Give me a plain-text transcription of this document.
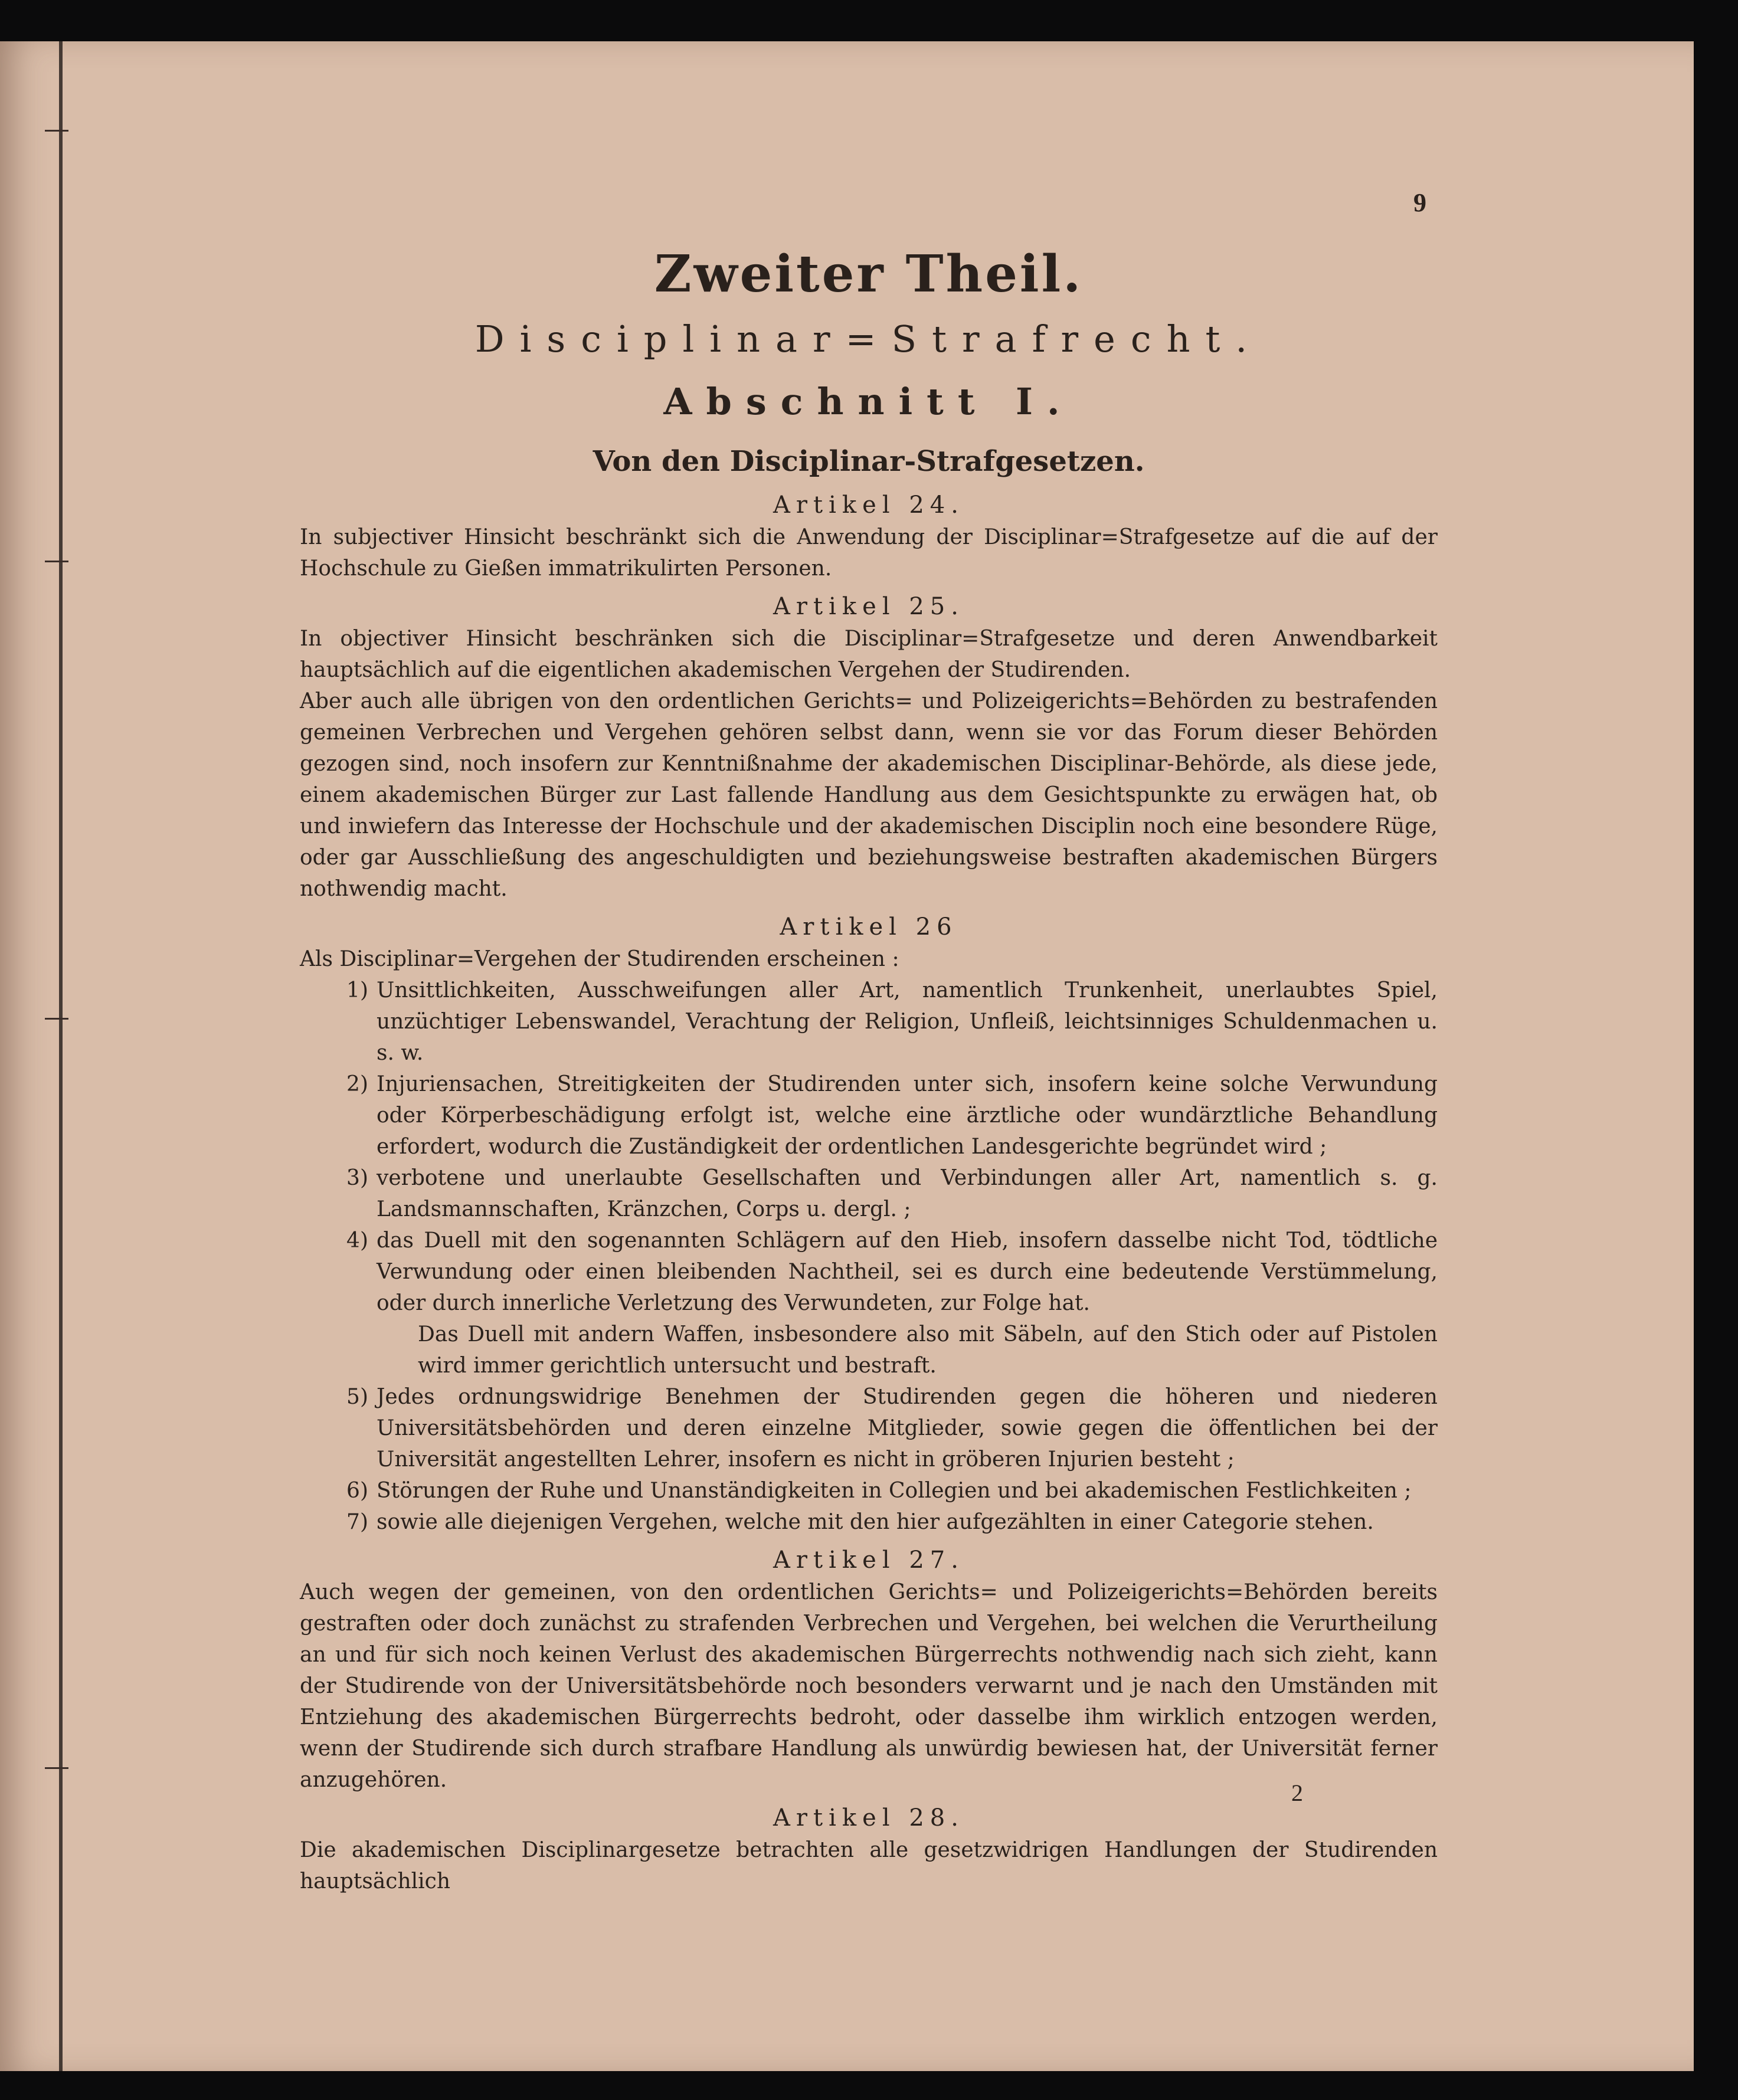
9
Zweiter Theil.
Disciplinar=Strafrecht.
Abschnitt I.
Von den Disciplinar-Strafgesetzen.
Artikel 24.

In subjectiver Hinsicht beschränkt sich die Anwendung der Disciplinar=Strafgesetze auf die auf der Hochschule zu Gießen immatrikulirten Personen.

Artikel 25.

In objectiver Hinsicht beschränken sich die Disciplinar=Strafgesetze und deren Anwendbarkeit hauptsächlich auf die eigentlichen akademischen Vergehen der Studirenden.

Aber auch alle übrigen von den ordentlichen Gerichts= und Polizeigerichts=Behörden zu bestrafenden gemeinen Verbrechen und Vergehen gehören selbst dann, wenn sie vor das Forum dieser Behörden gezogen sind, noch insofern zur Kenntnißnahme der akademischen Disciplinar-Behörde, als diese jede, einem akademischen Bürger zur Last fallende Handlung aus dem Gesichtspunkte zu erwägen hat, ob und inwiefern das Interesse der Hochschule und der akademischen Disciplin noch eine besondere Rüge, oder gar Ausschließung des angeschuldigten und beziehungsweise bestraften akademischen Bürgers nothwendig macht.

Artikel 26

Als Disciplinar=Vergehen der Studirenden erscheinen :

1) Unsittlichkeiten, Ausschweifungen aller Art, namentlich Trunkenheit, unerlaubtes Spiel, unzüchtiger Lebenswandel, Verachtung der Religion, Unfleiß, leichtsinniges Schuldenmachen u. s. w.
2) Injuriensachen, Streitigkeiten der Studirenden unter sich, insofern keine solche Verwundung oder Körperbeschädigung erfolgt ist, welche eine ärztliche oder wundärztliche Behandlung erfordert, wodurch die Zuständigkeit der ordentlichen Landesgerichte begründet wird ;
3) verbotene und unerlaubte Gesellschaften und Verbindungen aller Art, namentlich s. g. Landsmannschaften, Kränzchen, Corps u. dergl. ;
4) das Duell mit den sogenannten Schlägern auf den Hieb, insofern dasselbe nicht Tod, tödtliche Verwundung oder einen bleibenden Nachtheil, sei es durch eine bedeutende Verstümmelung, oder durch innerliche Verletzung des Verwundeten, zur Folge hat.
Das Duell mit andern Waffen, insbesondere also mit Säbeln, auf den Stich oder auf Pistolen wird immer gerichtlich untersucht und bestraft.
5) Jedes ordnungswidrige Benehmen der Studirenden gegen die höheren und niederen Universitätsbehörden und deren einzelne Mitglieder, sowie gegen die öffentlichen bei der Universität angestellten Lehrer, insofern es nicht in gröberen Injurien besteht ;
6) Störungen der Ruhe und Unanständigkeiten in Collegien und bei akademischen Festlichkeiten ;
7) sowie alle diejenigen Vergehen, welche mit den hier aufgezählten in einer Categorie stehen.
Artikel 27.

Auch wegen der gemeinen, von den ordentlichen Gerichts= und Polizeigerichts=Behörden bereits gestraften oder doch zunächst zu strafenden Verbrechen und Vergehen, bei welchen die Verurtheilung an und für sich noch keinen Verlust des akademischen Bürgerrechts nothwendig nach sich zieht, kann der Studirende von der Universitätsbehörde noch besonders verwarnt und je nach den Umständen mit Entziehung des akademischen Bürgerrechts bedroht, oder dasselbe ihm wirklich entzogen werden, wenn der Studirende sich durch strafbare Handlung als unwürdig bewiesen hat, der Universität ferner anzugehören.

Artikel 28.

Die akademischen Disciplinargesetze betrachten alle gesetzwidrigen Handlungen der Studirenden hauptsächlich

2
